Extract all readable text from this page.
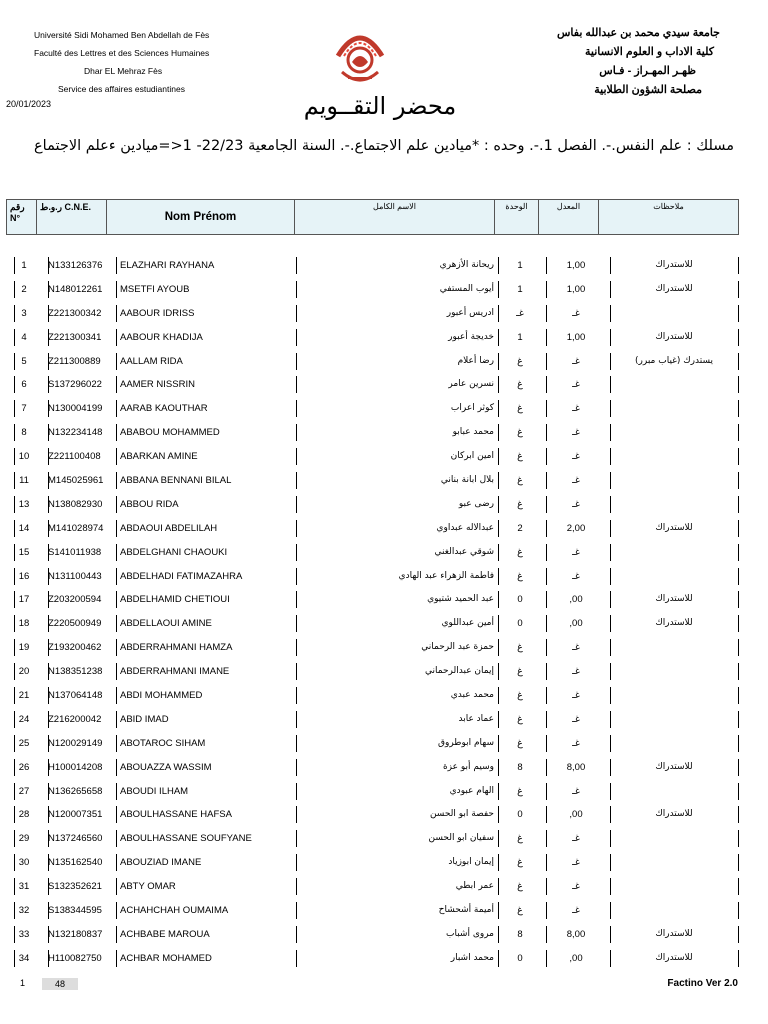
Université Sidi Mohamed Ben Abdellah de Fès
Faculté des Lettres et des Sciences Humaines
Dhar EL Mehraz Fès
Service des affaires estudiantines
20/01/2023
جامعة سيدي محمد بن عبدالله بفاس
كلية الاداب و العلوم الانسانية
ظهـر المهـراز - فـاس
مصلحة الشؤون الطلابية
محضر التقــويم
مسلك : علم النفس.-. الفصل 1.-. وحده : *ميادين علم الاجتماع.-. السنة الجامعية 22/23- 1<=ميادين ءعلم الاجتماع
رقم N°	ر.و.ط C.N.E.	Nom Prénom	الاسم الكامل	الوحدة	المعدل	ملاحظات
1	N133126376	ELAZHARI RAYHANA	ريحانة الأزهري	1	1,00	للاستدراك
2	N148012261	MSETFI AYOUB	أيوب المستفي	1	1,00	للاستدراك
3	Z221300342	AABOUR IDRISS	ادريس أعبور	غـ	غـ
4	Z221300341	AABOUR KHADIJA	خديجة أعبور	1	1,00	للاستدراك
5	Z211300889	AALLAM RIDA	رضا أعلام	غ	غـ	يستدرك (غياب مبرر)
6	S137296022	AAMER NISSRIN	نسرين عامر	غ	غـ
7	N130004199	AARAB KAOUTHAR	كوثر اعراب	غ	غـ
8	N132234148	ABABOU MOHAMMED	محمد عبابو	غ	غـ
10	Z221100408	ABARKAN AMINE	امين ابركان	غ	غـ
11	M145025961	ABBANA BENNANI BILAL	بلال ابانة بناني	غ	غـ
13	N138082930	ABBOU RIDA	رضى عبو	غ	غـ
14	M141028974	ABDAOUI ABDELILAH	عبدالاله عبداوي	2	2,00	للاستدراك
15	S141011938	ABDELGHANI CHAOUKI	شوقي عبدالغني	غ	غـ
16	N131100443	ABDELHADI FATIMAZAHRA	فاطمة الزهراء عبد الهادي	غ	غـ
17	Z203200594	ABDELHAMID CHETIOUI	عبد الحميد شتيوي	0	,00	للاستدراك
18	Z220500949	ABDELLAOUI AMINE	أمين عبداللوي	0	,00	للاستدراك
19	Z193200462	ABDERRAHMANI HAMZA	حمزة عبد الرحماني	غ	غـ
20	N138351238	ABDERRAHMANI IMANE	إيمان عبدالرحماني	غ	غـ
21	N137064148	ABDI MOHAMMED	محمد عبدي	غ	غـ
24	Z216200042	ABID IMAD	عماد عابد	غ	غـ
25	N120029149	ABOTAROC SIHAM	سهام ابوطروق	غ	غـ
26	H100014208	ABOUAZZA WASSIM	وسيم أبو عزة	8	8,00	للاستدراك
27	N136265658	ABOUDI ILHAM	الهام عبودي	غ	غـ
28	N120007351	ABOULHASSANE HAFSA	حفصة ابو الحسن	0	,00	للاستدراك
29	N137246560	ABOULHASSANE SOUFYANE	سفيان ابو الحسن	غ	غـ
30	N135162540	ABOUZIAD IMANE	إيمان ابوزياد	غ	غـ
31	S132352621	ABTY OMAR	عمر ابطي	غ	غـ
32	S138344595	ACHAHCHAH OUMAIMA	أميمة أشحشاح	غ	غـ
33	N132180837	ACHBABE MAROUA	مروى أشباب	8	8,00	للاستدراك
34	H110082750	ACHBAR MOHAMED	محمد اشبار	0	,00	للاستدراك
1	48	Factino Ver 2.0
